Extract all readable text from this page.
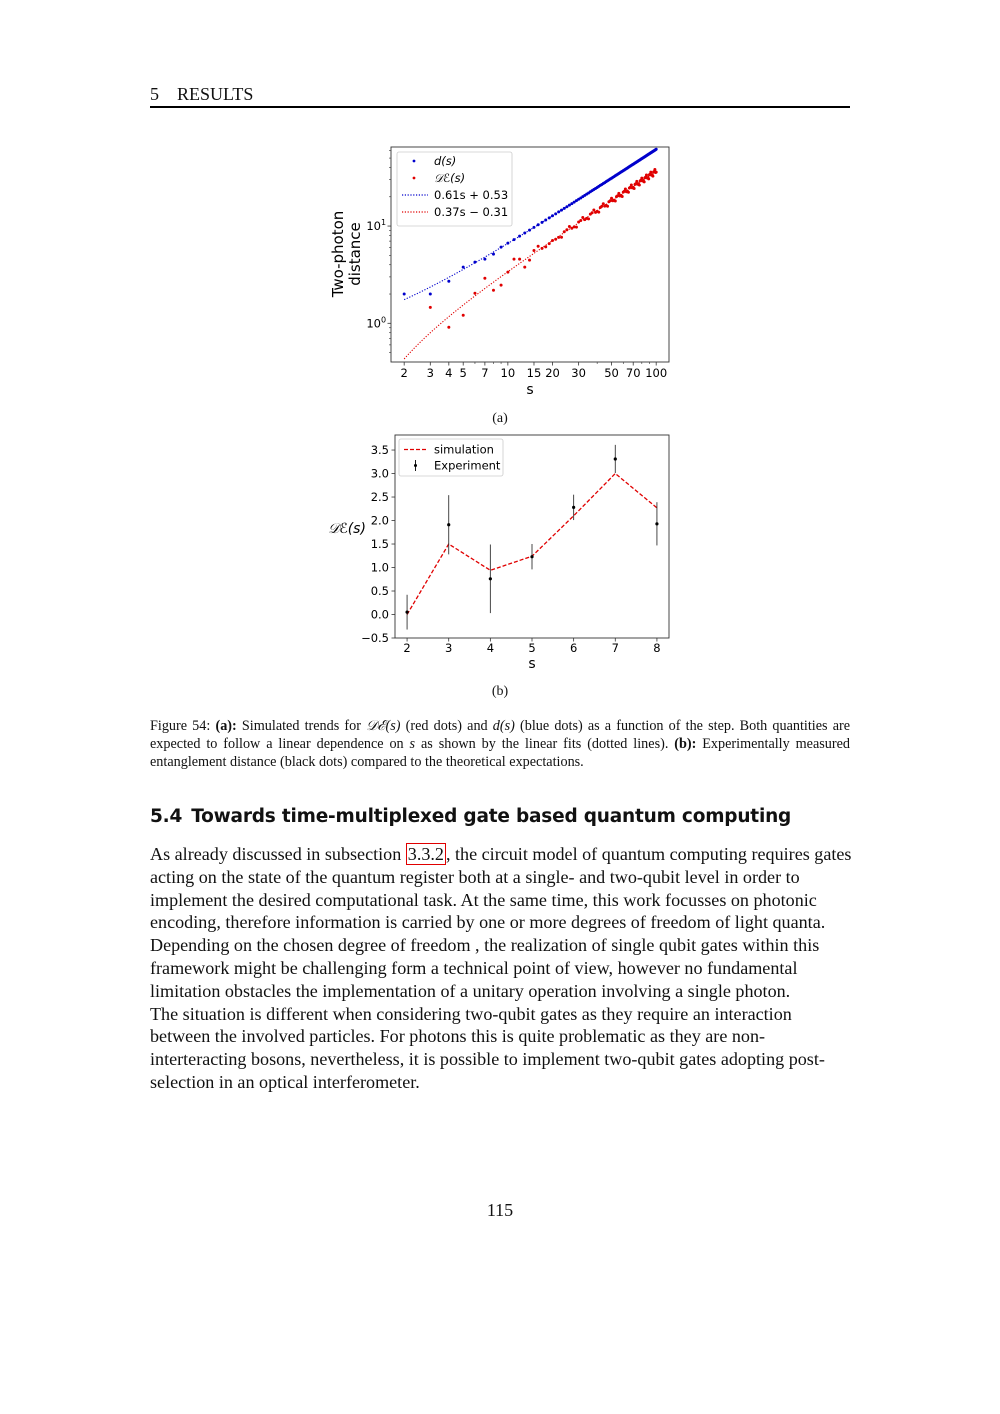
5 RESULTS
2 3 4 5 7 10 15 20 30 50 70 100
10 0
10 1
d(s)
𝒟ℰ(s)
0.61s + 0.53
0.37s − 0.31
s
Two-photon distance
(a)
2	3	4	5	6	7	8
−0.5
0.0
0.5
1.0
1.5
2.0
2.5
3.0
3.5	simulation
Experiment
s
𝒟ℰ(s)
(b)
Figure 54: (a): Simulated trends for 𝒟ℰ(s) (red dots) and d(s) (blue dots) as a function of the step. Both quantities are expected to follow a linear dependence on s as shown by the linear fits (dotted lines). (b): Experimentally measured entanglement distance (black dots) compared to the theoretical expectations.
5.4 Towards time-multiplexed gate based quantum computing

As already discussed in subsection 3.3.2 , the circuit model of quantum computing requires gates acting on the state of the quantum register both at a single- and two-qubit level in order to implement the desired computational task. At the same time, this work focusses on photonic encoding, therefore information is carried by one or more degrees of freedom of light quanta.

Depending on the chosen degree of freedom , the realization of single qubit gates within this framework might be challenging form a technical point of view, however no fundamental limitation obstacles the implementation of a unitary operation involving a single photon.

The situation is different when considering two-qubit gates as they require an interaction between the involved particles. For photons this is quite problematic as they are non-interteracting bosons, nevertheless, it is possible to implement two-qubit gates adopting post-selection in an optical interferometer.

115
